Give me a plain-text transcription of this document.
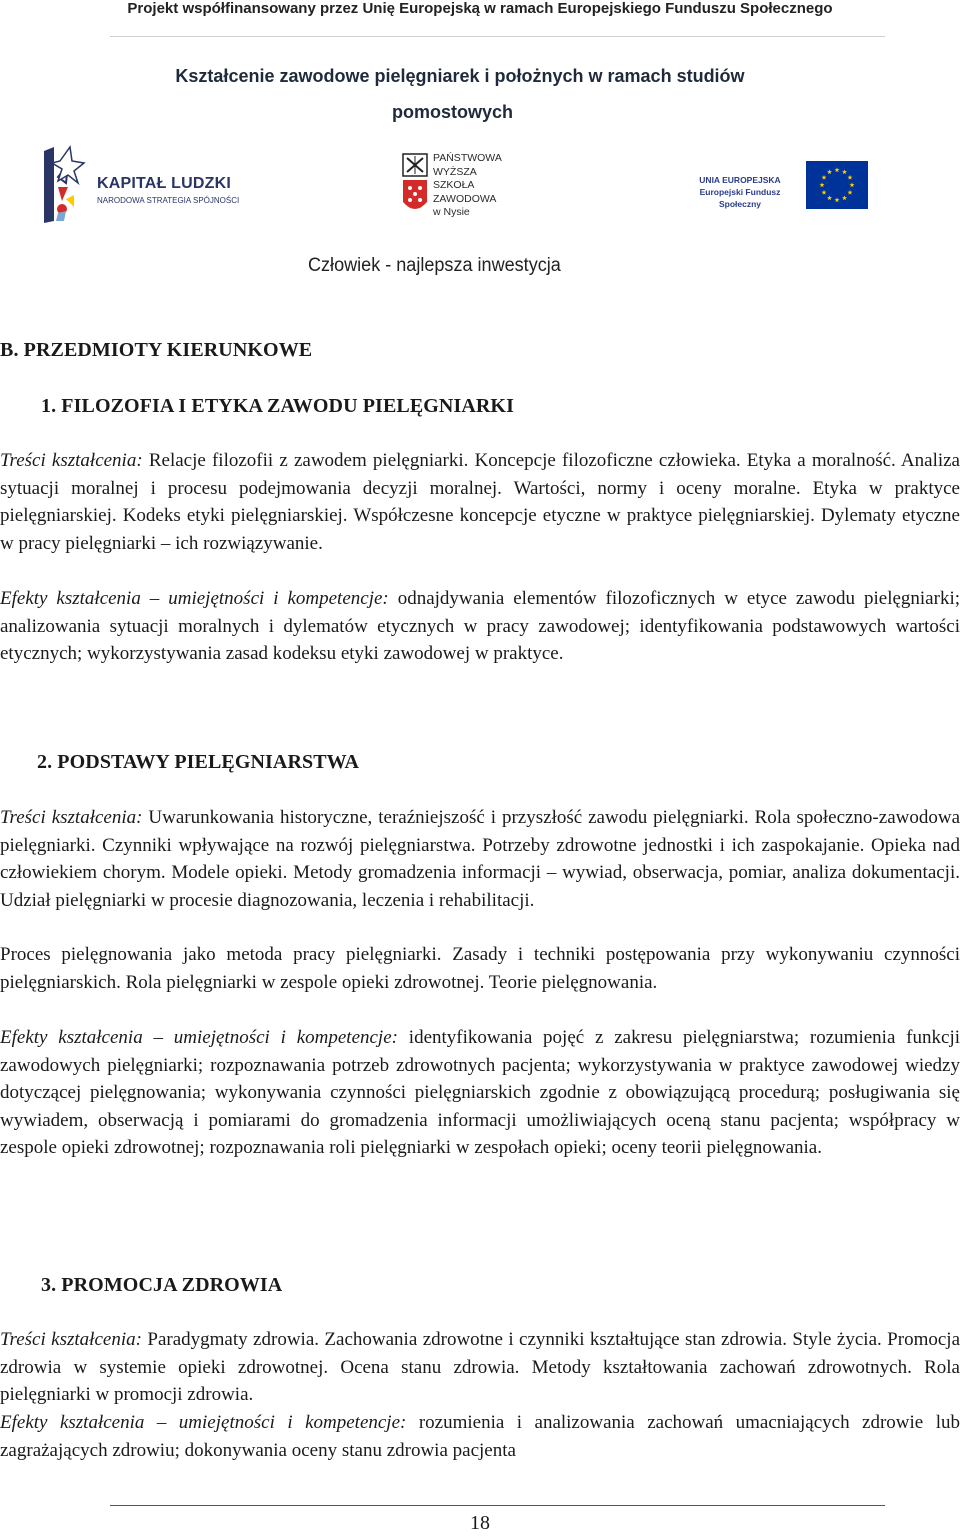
Projekt współfinansowany przez Unię Europejską w ramach Europejskiego Funduszu Społecznego
Kształcenie zawodowe pielęgniarek i położnych w ramach studiów
pomostowych
KAPITAŁ LUDZKI
NARODOWA STRATEGIA SPÓJNOŚCI
PAŃSTWOWA
WYŻSZA
SZKOŁA
ZAWODOWA
w Nysie
UNIA EUROPEJSKA
Europejski Fundusz Społeczny
Człowiek - najlepsza inwestycja
B. PRZEDMIOTY KIERUNKOWE
1. FILOZOFIA I ETYKA ZAWODU PIELĘGNIARKI

Treści kształcenia: Relacje filozofii z zawodem pielęgniarki. Koncepcje filozoficzne człowieka. Etyka a moralność. Analiza sytuacji moralnej i procesu podejmowania decyzji moralnej. Wartości, normy i oceny moralne. Etyka w praktyce pielęgniarskiej. Kodeks etyki pielęgniarskiej. Współczesne koncepcje etyczne w praktyce pielęgniarskiej. Dylematy etyczne w pracy pielęgniarki – ich rozwiązywanie.

Efekty kształcenia – umiejętności i kompetencje: odnajdywania elementów filozoficznych w etyce zawodu pielęgniarki; analizowania sytuacji moralnych i dylematów etycznych w pracy zawodowej; identyfikowania podstawowych wartości etycznych; wykorzystywania zasad kodeksu etyki zawodowej w praktyce.

2. PODSTAWY PIELĘGNIARSTWA

Treści kształcenia: Uwarunkowania historyczne, teraźniejszość i przyszłość zawodu pielęgniarki. Rola społeczno-zawodowa pielęgniarki. Czynniki wpływające na rozwój pielęgniarstwa. Potrzeby zdrowotne jednostki i ich zaspokajanie. Opieka nad człowiekiem chorym. Modele opieki. Metody gromadzenia informacji – wywiad, obserwacja, pomiar, analiza dokumentacji. Udział pielęgniarki w procesie diagnozowania, leczenia i rehabilitacji.

Proces pielęgnowania jako metoda pracy pielęgniarki. Zasady i techniki postępowania przy wykonywaniu czynności pielęgniarskich. Rola pielęgniarki w zespole opieki zdrowotnej. Teorie pielęgnowania.

Efekty kształcenia – umiejętności i kompetencje: identyfikowania pojęć z zakresu pielęgniarstwa; rozumienia funkcji zawodowych pielęgniarki; rozpoznawania potrzeb zdrowotnych pacjenta; wykorzystywania w praktyce zawodowej wiedzy dotyczącej pielęgnowania; wykonywania czynności pielęgniarskich zgodnie z obowiązującą procedurą; posługiwania się wywiadem, obserwacją i pomiarami do gromadzenia informacji umożliwiających oceną stanu pacjenta; współpracy w zespole opieki zdrowotnej; rozpoznawania roli pielęgniarki w zespołach opieki; oceny teorii pielęgnowania.

3. PROMOCJA ZDROWIA

Treści kształcenia: Paradygmaty zdrowia. Zachowania zdrowotne i czynniki kształtujące stan zdrowia. Style życia. Promocja zdrowia w systemie opieki zdrowotnej. Ocena stanu zdrowia. Metody kształtowania zachowań zdrowotnych. Rola pielęgniarki w promocji zdrowia.

Efekty kształcenia – umiejętności i kompetencje: rozumienia i analizowania zachowań umacniających zdrowie lub zagrażających zdrowiu; dokonywania oceny stanu zdrowia pacjenta

18
